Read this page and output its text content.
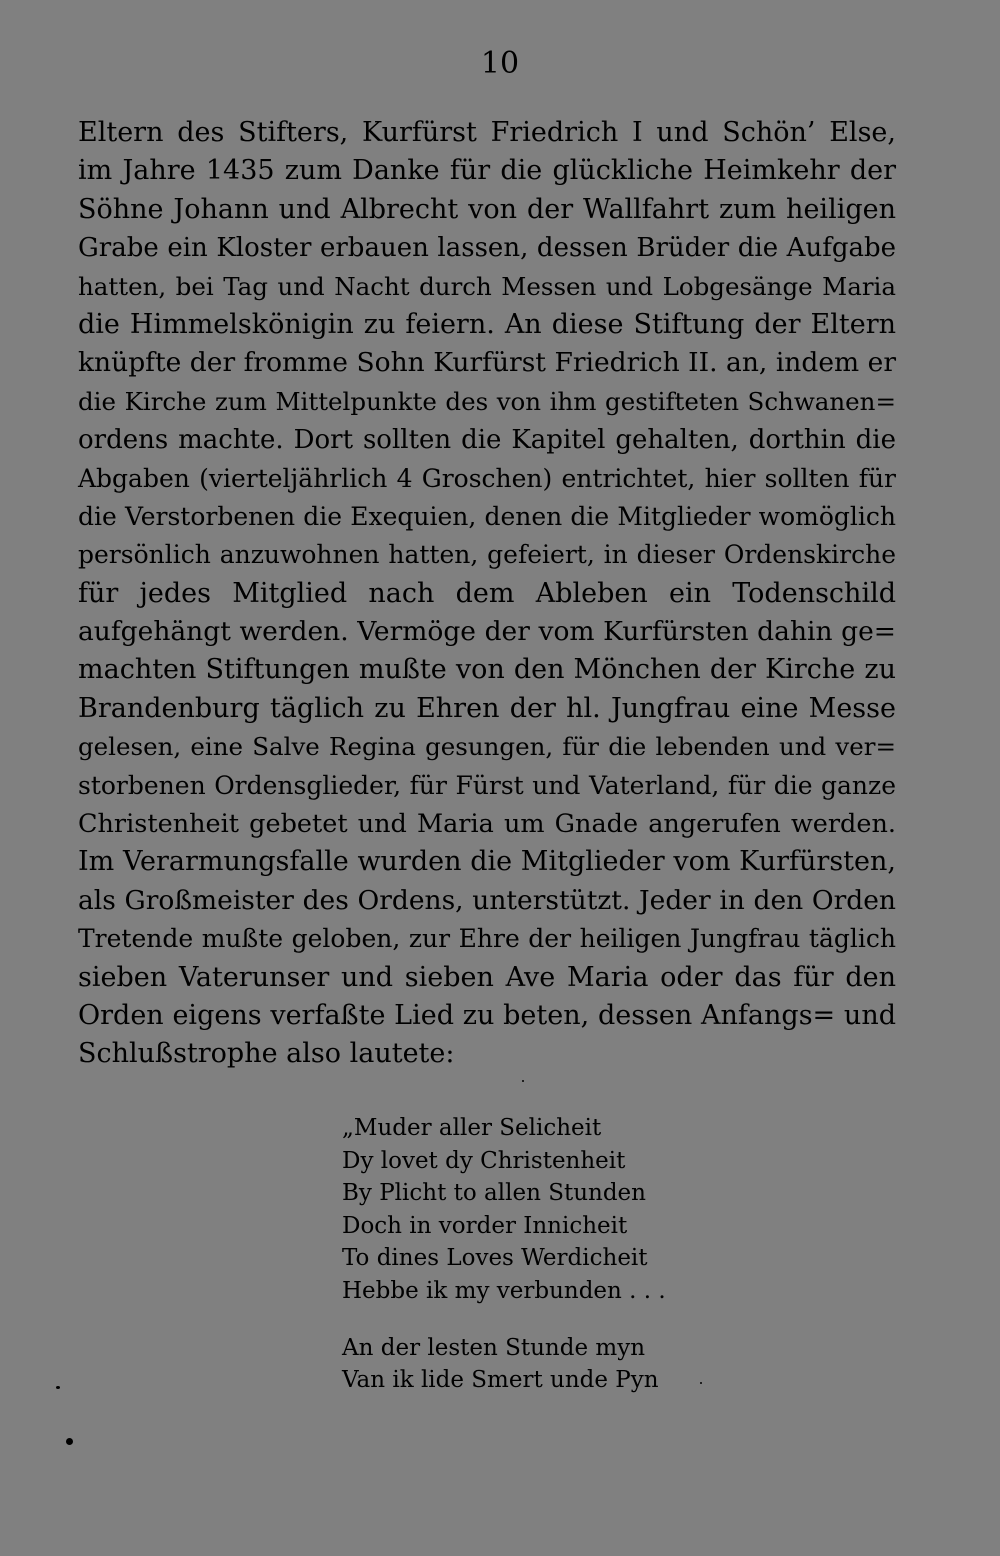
10
Eltern des Stifters, Kurfürst Friedrich I und Schön’ Else,
im Jahre 1435 zum Danke für die glückliche Heimkehr der
Söhne Johann und Albrecht von der Wallfahrt zum heiligen
Grabe ein Kloster erbauen lassen, dessen Brüder die Aufgabe
hatten, bei Tag und Nacht durch Messen und Lobgesänge Maria
die Himmelskönigin zu feiern. An diese Stiftung der Eltern
knüpfte der fromme Sohn Kurfürst Friedrich II. an, indem er
die Kirche zum Mittelpunkte des von ihm gestifteten Schwanen=
ordens machte. Dort sollten die Kapitel gehalten, dorthin die
Abgaben (vierteljährlich 4 Groschen) entrichtet, hier sollten für
die Verstorbenen die Exequien, denen die Mitglieder womöglich
persönlich anzuwohnen hatten, gefeiert, in dieser Ordenskirche
für jedes Mitglied nach dem Ableben ein Todenschild
aufgehängt werden. Vermöge der vom Kurfürsten dahin ge=
machten Stiftungen mußte von den Mönchen der Kirche zu
Brandenburg täglich zu Ehren der hl. Jungfrau eine Messe
gelesen, eine Salve Regina gesungen, für die lebenden und ver=
storbenen Ordensglieder, für Fürst und Vaterland, für die ganze
Christenheit gebetet und Maria um Gnade angerufen werden.
Im Verarmungsfalle wurden die Mitglieder vom Kurfürsten,
als Großmeister des Ordens, unterstützt. Jeder in den Orden
Tretende mußte geloben, zur Ehre der heiligen Jungfrau täglich
sieben Vaterunser und sieben Ave Maria oder das für den
Orden eigens verfaßte Lied zu beten, dessen Anfangs= und
Schlußstrophe also lautete:
„Muder aller Selicheit
Dy lovet dy Christenheit
By Plicht to allen Stunden
Doch in vorder Innicheit
To dines Loves Werdicheit
Hebbe ik my verbunden . . .
An der lesten Stunde myn
Van ik lide Smert unde Pyn
